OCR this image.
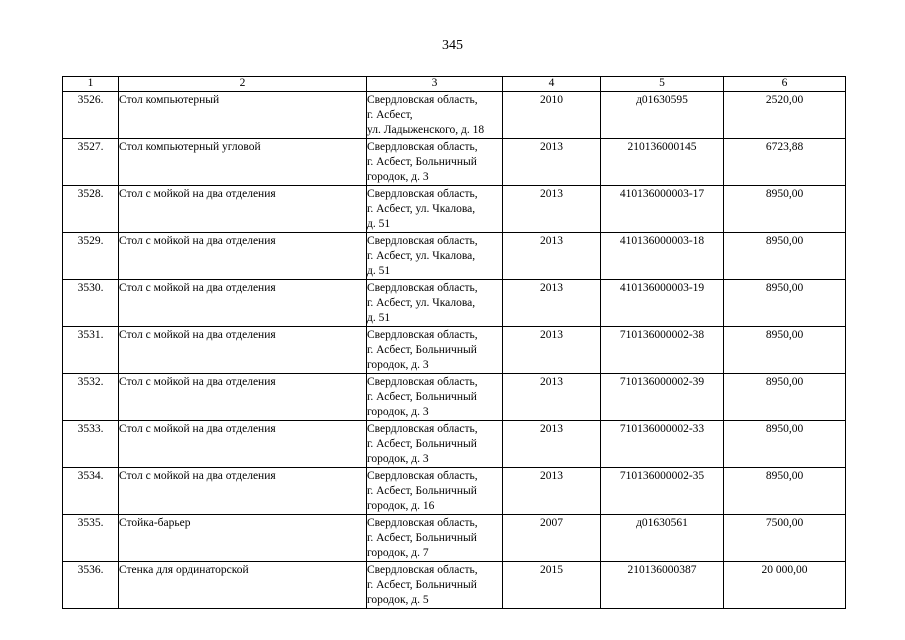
345
1	2	3	4	5	6
3526.	Стол компьютерный	Свердловская область,
г. Асбест,
ул. Ладыженского, д. 18	2010	д01630595	2520,00
3527.	Стол компьютерный угловой	Свердловская область,
г. Асбест, Больничный
городок, д. 3	2013	210136000145	6723,88
3528.	Стол с мойкой на два отделения	Свердловская область,
г. Асбест, ул. Чкалова,
д. 51	2013	410136000003-17	8950,00
3529.	Стол с мойкой на два отделения	Свердловская область,
г. Асбест, ул. Чкалова,
д. 51	2013	410136000003-18	8950,00
3530.	Стол с мойкой на два отделения	Свердловская область,
г. Асбест, ул. Чкалова,
д. 51	2013	410136000003-19	8950,00
3531.	Стол с мойкой на два отделения	Свердловская область,
г. Асбест, Больничный
городок, д. 3	2013	710136000002-38	8950,00
3532.	Стол с мойкой на два отделения	Свердловская область,
г. Асбест, Больничный
городок, д. 3	2013	710136000002-39	8950,00
3533.	Стол с мойкой на два отделения	Свердловская область,
г. Асбест, Больничный
городок, д. 3	2013	710136000002-33	8950,00
3534.	Стол с мойкой на два отделения	Свердловская область,
г. Асбест, Больничный
городок, д. 16	2013	710136000002-35	8950,00
3535.	Стойка-барьер	Свердловская область,
г. Асбест, Больничный
городок, д. 7	2007	д01630561	7500,00
3536.	Стенка для ординаторской	Свердловская область,
г. Асбест, Больничный
городок, д. 5	2015	210136000387	20 000,00
